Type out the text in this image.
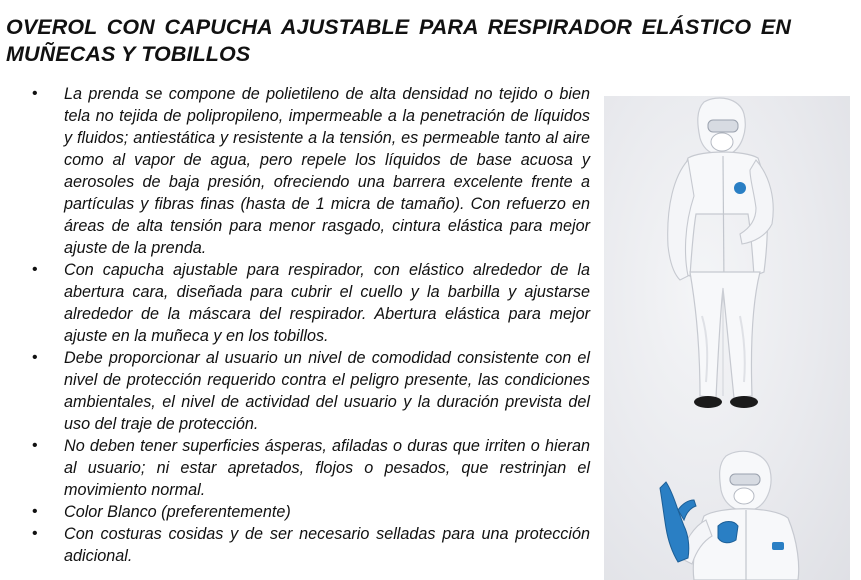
OVEROL CON CAPUCHA AJUSTABLE PARA RESPIRADOR ELÁSTICO EN MUÑECAS Y TOBILLOS
• La prenda se compone de polietileno de alta densidad no tejido o bien tela no tejida de polipropileno, impermeable a la penetración de líquidos y fluidos; antiestática y resistente a la tensión, es permeable tanto al aire como al vapor de agua, pero repele los líquidos de base acuosa y aerosoles de baja presión, ofreciendo una barrera excelente frente a partículas y fibras finas (hasta de 1 micra de tamaño). Con refuerzo en áreas de alta tensión para menor rasgado, cintura elástica para mejor ajuste de la prenda.
• Con capucha ajustable para respirador, con elástico alrededor de la abertura cara, diseñada para cubrir el cuello y la barbilla y ajustarse alrededor de la máscara del respirador. Abertura elástica para mejor ajuste en la muñeca y en los tobillos.
• Debe proporcionar al usuario un nivel de comodidad consistente con el nivel de protección requerido contra el peligro presente, las condiciones ambientales, el nivel de actividad del usuario y la duración prevista del uso del traje de protección.
• No deben tener superficies ásperas, afiladas o duras que irriten o hieran al usuario; ni estar apretados, flojos o pesados, que restrinjan el movimiento normal.
• Color Blanco (preferentemente)
• Con costuras cosidas y de ser necesario selladas para una protección adicional.
